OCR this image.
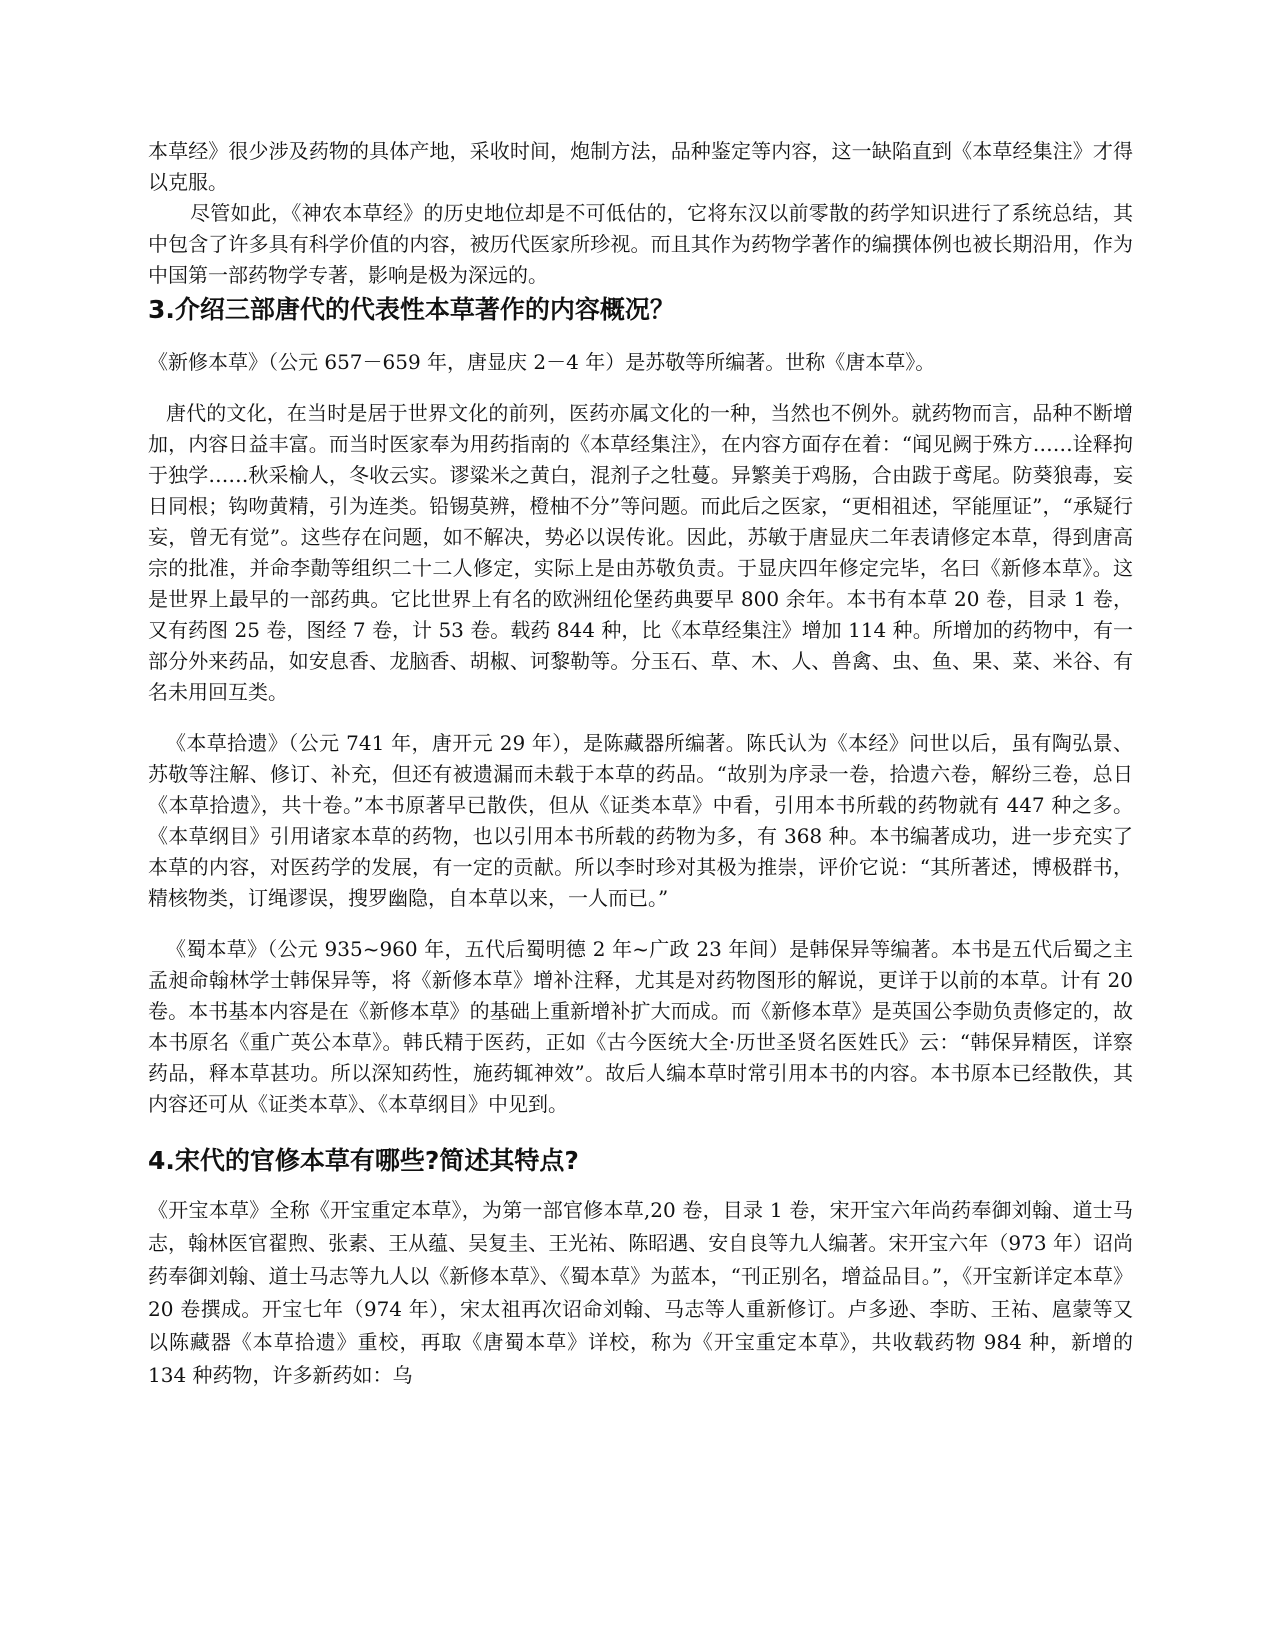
本草经》很少涉及药物的具体产地，采收时间，炮制方法，品种鉴定等内容，这一缺陷直到《本草经集注》才得以克服。

尽管如此，《神农本草经》的历史地位却是不可低估的，它将东汉以前零散的药学知识进行了系统总结，其中包含了许多具有科学价值的内容，被历代医家所珍视。而且其作为药物学著作的编撰体例也被长期沿用，作为中国第一部药物学专著，影响是极为深远的。

3.介绍三部唐代的代表性本草著作的内容概况？

《新修本草》（公元 657－659 年，唐显庆 2－4 年）是苏敬等所编著。世称《唐本草》。

唐代的文化，在当时是居于世界文化的前列，医药亦属文化的一种，当然也不例外。就药物而言，品种不断增加，内容日益丰富。而当时医家奉为用药指南的《本草经集注》，在内容方面存在着：“闻见阙于殊方……诠释拘于独学……秋采榆人，冬收云实。谬粱米之黄白，混剂子之牡蔓。异繁美于鸡肠，合由跋于鸢尾。防葵狼毒，妄日同根；钩吻黄精，引为连类。铅锡莫辨，橙柚不分”等问题。而此后之医家，“更相祖述，罕能厘证”，“承疑行妄，曾无有觉”。这些存在问题，如不解决，势必以误传讹。因此，苏敏于唐显庆二年表请修定本草，得到唐高宗的批准，并命李勣等组织二十二人修定，实际上是由苏敬负责。于显庆四年修定完毕，名曰《新修本草》。这是世界上最早的一部药典。它比世界上有名的欧洲纽伦堡药典要早 800 余年。本书有本草 20 卷，目录 1 卷，又有药图 25 卷，图经 7 卷，计 53 卷。载药 844 种，比《本草经集注》增加 114 种。所增加的药物中，有一部分外来药品，如安息香、龙脑香、胡椒、诃黎勒等。分玉石、草、木、人、兽禽、虫、鱼、果、菜、米谷、有名未用回互类。

《本草拾遗》（公元 741 年，唐开元 29 年），是陈藏器所编著。陈氏认为《本经》问世以后，虽有陶弘景、苏敬等注解、修订、补充，但还有被遗漏而未载于本草的药品。“故别为序录一卷，拾遗六卷，解纷三卷，总日《本草拾遗》，共十卷。”本书原著早已散佚，但从《证类本草》中看，引用本书所载的药物就有 447 种之多。《本草纲目》引用诸家本草的药物，也以引用本书所载的药物为多，有 368 种。本书编著成功，进一步充实了本草的内容，对医药学的发展，有一定的贡献。所以李时珍对其极为推崇，评价它说：“其所著述，博极群书，精核物类，订绳谬误，搜罗幽隐，自本草以来，一人而已。”

《蜀本草》（公元 935~960 年，五代后蜀明德 2 年~广政 23 年间）是韩保异等编著。本书是五代后蜀之主孟昶命翰林学士韩保异等，将《新修本草》增补注释，尤其是对药物图形的解说，更详于以前的本草。计有 20 卷。本书基本内容是在《新修本草》的基础上重新增补扩大而成。而《新修本草》是英国公李勋负责修定的，故本书原名《重广英公本草》。韩氏精于医药，正如《古今医统大全·历世圣贤名医姓氏》云：“韩保异精医，详察药品，释本草甚功。所以深知药性，施药辄神效”。故后人编本草时常引用本书的内容。本书原本已经散佚，其内容还可从《证类本草》、《本草纲目》中见到。

4.宋代的官修本草有哪些?简述其特点?

《开宝本草》全称《开宝重定本草》，为第一部官修本草,20 卷，目录 1 卷，宋开宝六年尚药奉御刘翰、道士马志，翰林医官翟煦、张素、王从蕴、吴复圭、王光祐、陈昭遇、安自良等九人编著。宋开宝六年（973 年）诏尚药奉御刘翰、道士马志等九人以《新修本草》、《蜀本草》为蓝本，“刊正别名，增益品目。”，《开宝新详定本草》20 卷撰成。开宝七年（974 年），宋太祖再次诏命刘翰、马志等人重新修订。卢多逊、李昉、王祐、扈蒙等又以陈藏器《本草拾遗》重校，再取《唐蜀本草》详校，称为《开宝重定本草》，共收载药物 984 种，新增的 134 种药物，许多新药如：乌
